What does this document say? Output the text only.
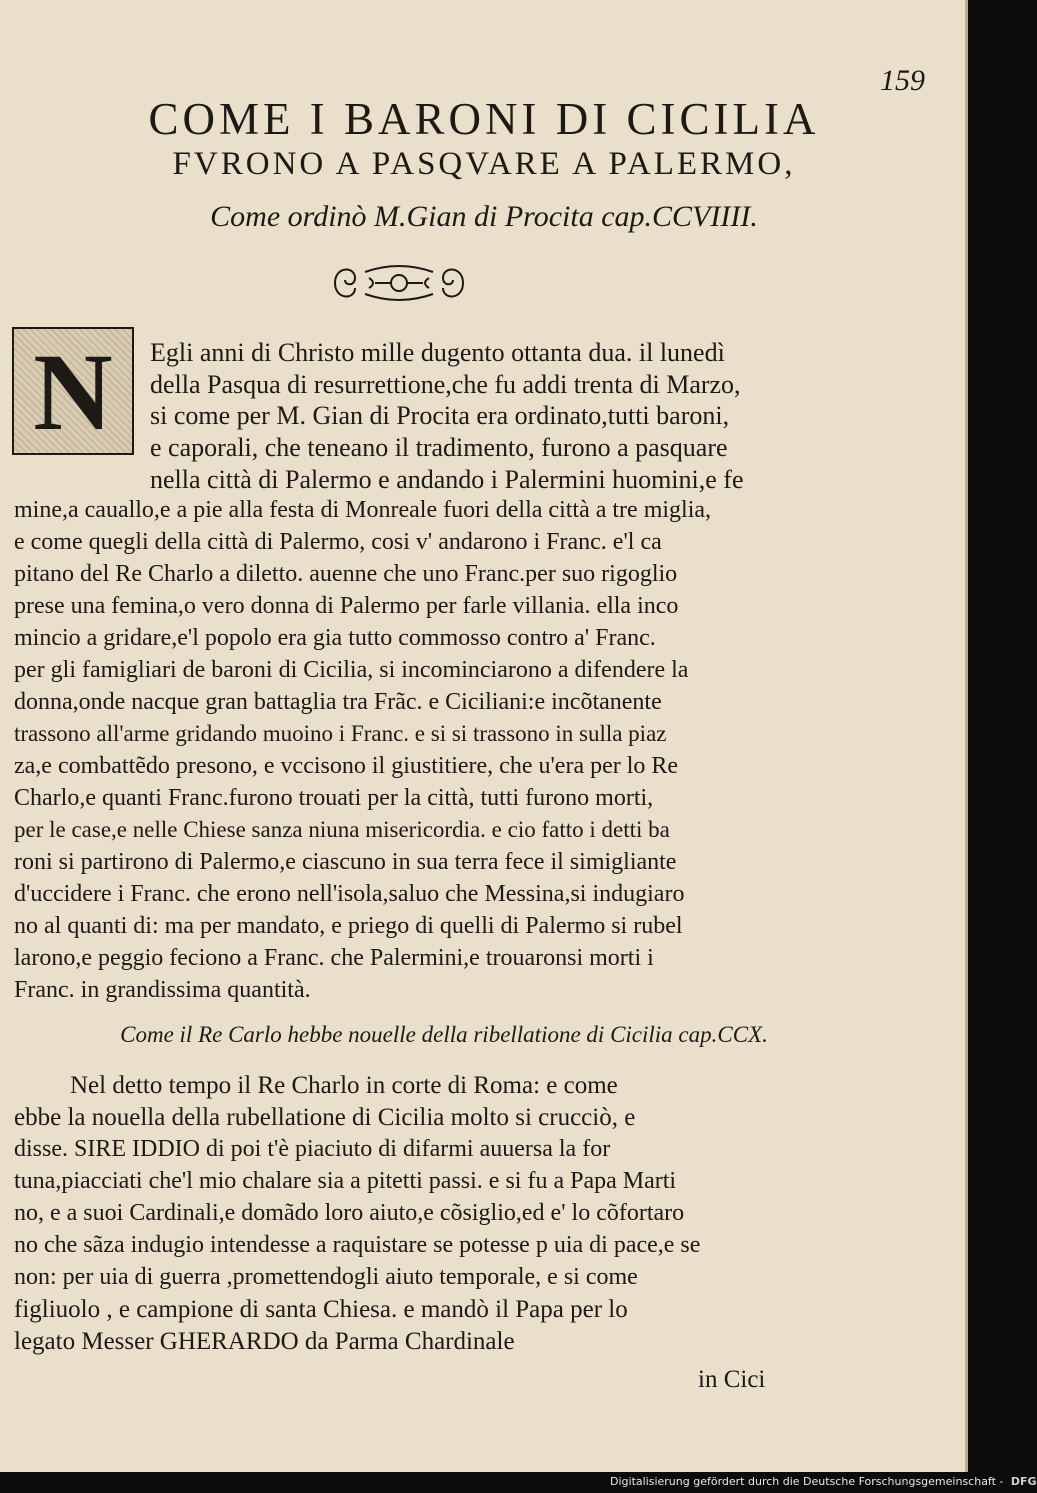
159
COME I BARONI DI CICILIA
FVRONO A PASQVARE A PALERMO,
Come ordinò M.Gian di Procita cap.CCVIIII.
N	Egli anni di Christo mille dugento ottanta dua. il lunedì
della Pasqua di resurrettione,che fu addi trenta di Marzo,
si come per M. Gian di Procita era ordinato,tutti baroni,
e caporali, che teneano il tradimento, furono a pasquare
nella città di Palermo e andando i Palermini huomini,e fe
mine,a cauallo,e a pie alla festa di Monreale fuori della città a tre miglia,
e come quegli della città di Palermo, cosi v' andarono i Franc. e'l ca
pitano del Re Charlo a diletto. auenne che uno Franc.per suo rigoglio
prese una femina,o vero donna di Palermo per farle villania. ella inco
mincio a gridare,e'l popolo era gia tutto commosso contro a' Franc.
per gli famigliari de baroni di Cicilia, si incominciarono a difendere la
donna,onde nacque gran battaglia tra Frãc. e Ciciliani:e incõtanente
trassono all'arme gridando muoino i Franc. e si si trassono in sulla piaz
za,e combattẽdo presono, e vccisono il giustitiere, che u'era per lo Re
Charlo,e quanti Franc.furono trouati per la città, tutti furono morti,
per le case,e nelle Chiese sanza niuna misericordia. e cio fatto i detti ba
roni si partirono di Palermo,e ciascuno in sua terra fece il simigliante
d'uccidere i Franc. che erono nell'isola,saluo che Messina,si indugiaro
no al quanti di: ma per mandato, e priego di quelli di Palermo si rubel
larono,e peggio feciono a Franc. che Palermini,e trouaronsi morti i
Franc. in grandissima quantità.
Come il Re Carlo hebbe nouelle della ribellatione di Cicilia cap.CCX.
Nel detto tempo il Re Charlo in corte di Roma: e come
ebbe la nouella della rubellatione di Cicilia molto si crucciò, e
disse. SIRE IDDIO di poi t'è piaciuto di difarmi auuersa la for
tuna,piacciati che'l mio chalare sia a pitetti passi. e si fu a Papa Marti
no, e a suoi Cardinali,e domãdo loro aiuto,e cõsiglio,ed e' lo cõfortaro
no che sãza indugio intendesse a raquistare se potesse p uia di pace,e se
non: per uia di guerra ,promettendogli aiuto temporale, e si come
figliuolo , e campione di santa Chiesa. e mandò il Papa per lo
legato Messer GHERARDO da Parma Chardinale
in Cici
Digitalisierung gefördert durch die Deutsche Forschungsgemeinschaft - DFG
